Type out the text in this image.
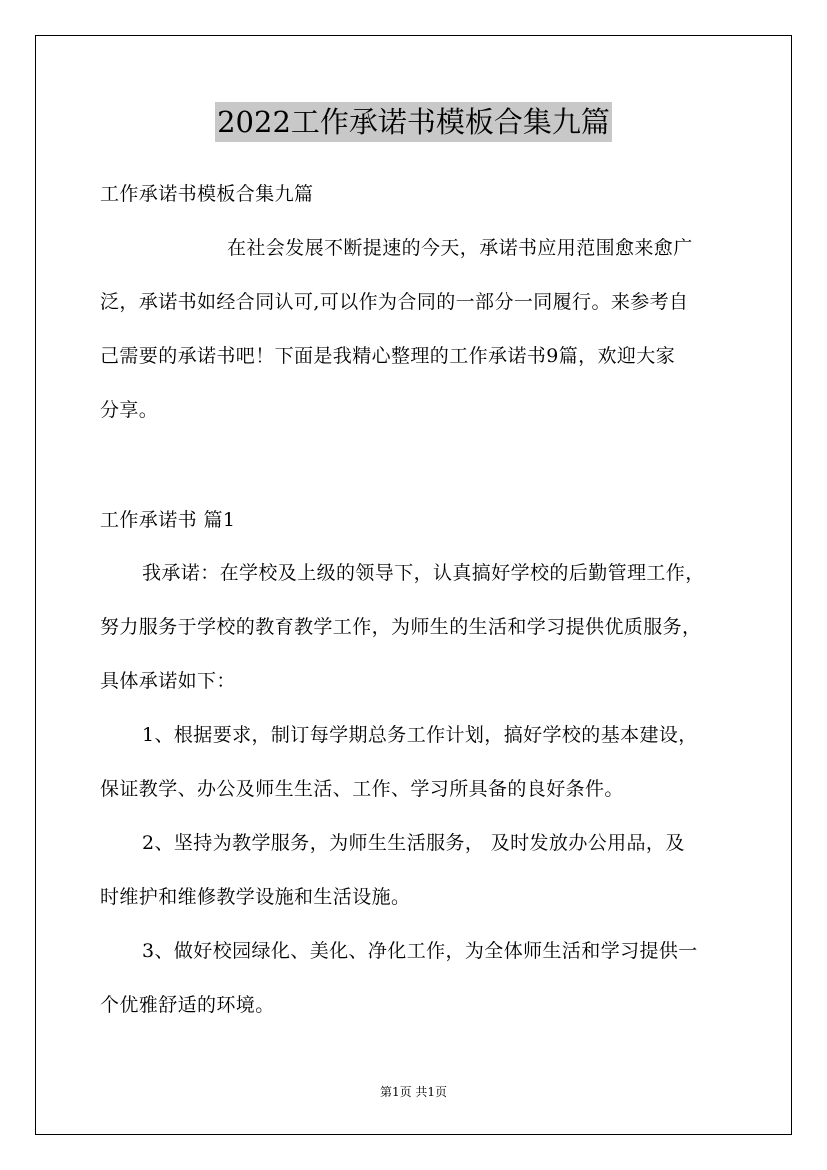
2022工作承诺书模板合集九篇
工作承诺书模板合集九篇
在社会发展不断提速的今天，承诺书应用范围愈来愈广
泛，承诺书如经合同认可,可以作为合同的一部分一同履行。来参考自
己需要的承诺书吧！下面是我精心整理的工作承诺书9篇，欢迎大家
分享。
工作承诺书 篇1
我承诺：在学校及上级的领导下，认真搞好学校的后勤管理工作，
努力服务于学校的教育教学工作，为师生的生活和学习提供优质服务，
具体承诺如下：
1、根据要求，制订每学期总务工作计划，搞好学校的基本建设，
保证教学、办公及师生生活、工作、学习所具备的良好条件。
2、坚持为教学服务，为师生生活服务， 及时发放办公用品，及
时维护和维修教学设施和生活设施。
3、做好校园绿化、美化、净化工作，为全体师生活和学习提供一
个优雅舒适的环境。
第1页 共1页
